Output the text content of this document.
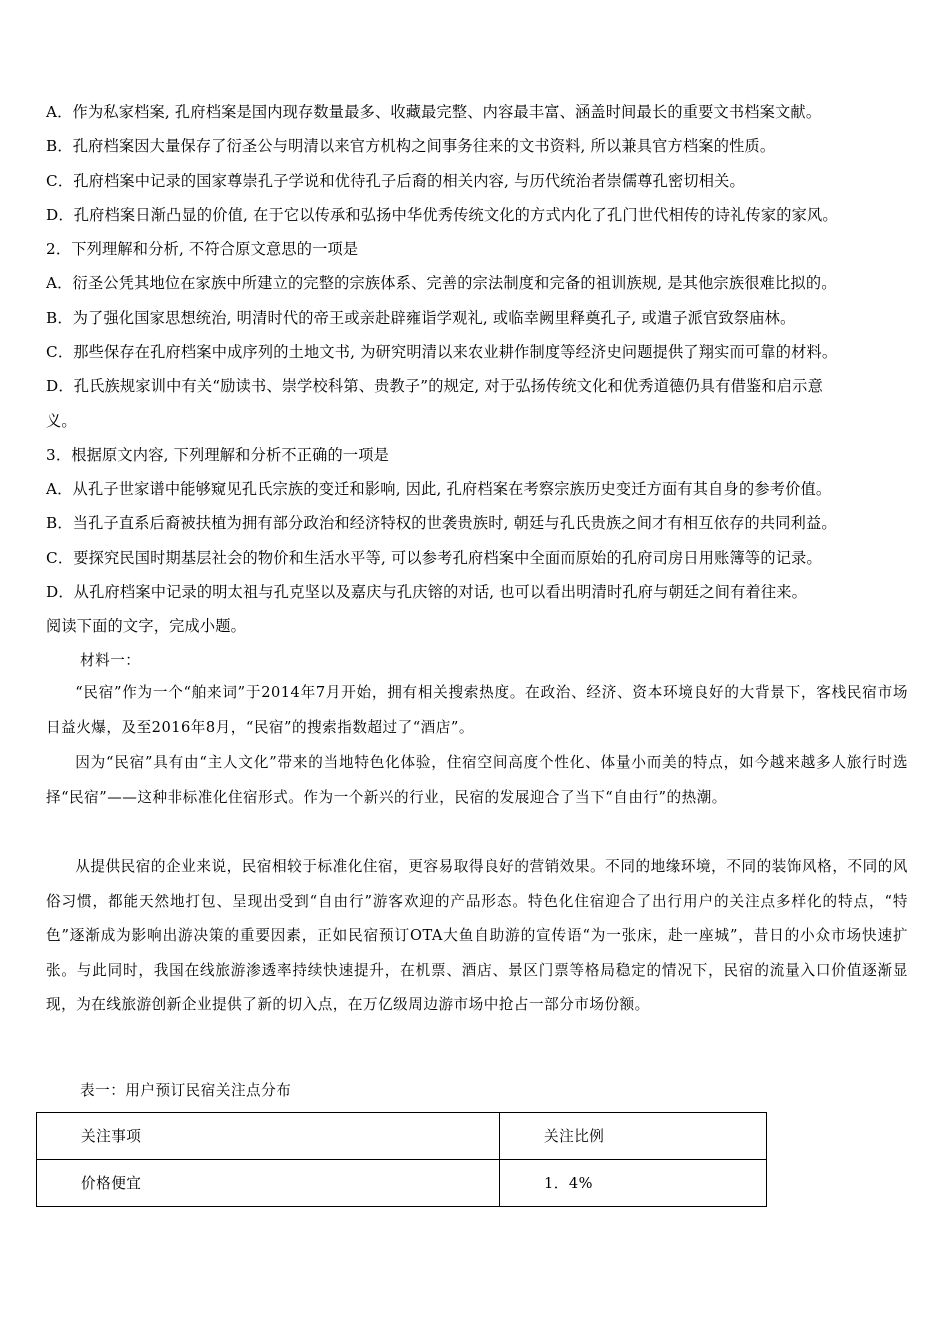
A．作为私家档案, 孔府档案是国内现存数量最多、收藏最完整、内容最丰富、涵盖时间最长的重要文书档案文献。
B．孔府档案因大量保存了衍圣公与明清以来官方机构之间事务往来的文书资料, 所以兼具官方档案的性质。
C．孔府档案中记录的国家尊崇孔子学说和优待孔子后裔的相关内容, 与历代统治者崇儒尊孔密切相关。
D．孔府档案日渐凸显的价值, 在于它以传承和弘扬中华优秀传统文化的方式内化了孔门世代相传的诗礼传家的家风。
2．下列理解和分析, 不符合原文意思的一项是
A．衍圣公凭其地位在家族中所建立的完整的宗族体系、完善的宗法制度和完备的祖训族规, 是其他宗族很难比拟的。
B．为了强化国家思想统治, 明清时代的帝王或亲赴辟雍诣学观礼, 或临幸阙里释奠孔子, 或遣子派官致祭庙林。
C．那些保存在孔府档案中成序列的土地文书, 为研究明清以来农业耕作制度等经济史问题提供了翔实而可靠的材料。
D．孔氏族规家训中有关“励读书、崇学校科第、贵教子”的规定, 对于弘扬传统文化和优秀道德仍具有借鉴和启示意
义。
3．根据原文内容, 下列理解和分析不正确的一项是
A．从孔子世家谱中能够窥见孔氏宗族的变迁和影响, 因此, 孔府档案在考察宗族历史变迁方面有其自身的参考价值。
B．当孔子直系后裔被扶植为拥有部分政治和经济特权的世袭贵族时, 朝廷与孔氏贵族之间才有相互依存的共同利益。
C．要探究民国时期基层社会的物价和生活水平等, 可以参考孔府档案中全面而原始的孔府司房日用账簿等的记录。
D．从孔府档案中记录的明太祖与孔克坚以及嘉庆与孔庆镕的对话, 也可以看出明清时孔府与朝廷之间有着往来。
阅读下面的文字，完成小题。
材料一：
“民宿”作为一个“舶来词”于2014年7月开始，拥有相关搜索热度。在政治、经济、资本环境良好的大背景下，客栈民宿市场日益火爆，及至2016年8月，“民宿”的搜索指数超过了“酒店”。
因为“民宿”具有由“主人文化”带来的当地特色化体验，住宿空间高度个性化、体量小而美的特点，如今越来越多人旅行时选择“民宿”——这种非标准化住宿形式。作为一个新兴的行业，民宿的发展迎合了当下“自由行”的热潮。
从提供民宿的企业来说，民宿相较于标准化住宿，更容易取得良好的营销效果。不同的地缘环境，不同的装饰风格，不同的风俗习惯，都能天然地打包、呈现出受到“自由行”游客欢迎的产品形态。特色化住宿迎合了出行用户的关注点多样化的特点，“特色”逐渐成为影响出游决策的重要因素，正如民宿预订OTA大鱼自助游的宣传语“为一张床，赴一座城”，昔日的小众市场快速扩张。与此同时，我国在线旅游渗透率持续快速提升，在机票、酒店、景区门票等格局稳定的情况下，民宿的流量入口价值逐渐显现，为在线旅游创新企业提供了新的切入点，在万亿级周边游市场中抢占一部分市场份额。
表一：用户预订民宿关注点分布
关注事项	关注比例

价格便宜	1．4%
